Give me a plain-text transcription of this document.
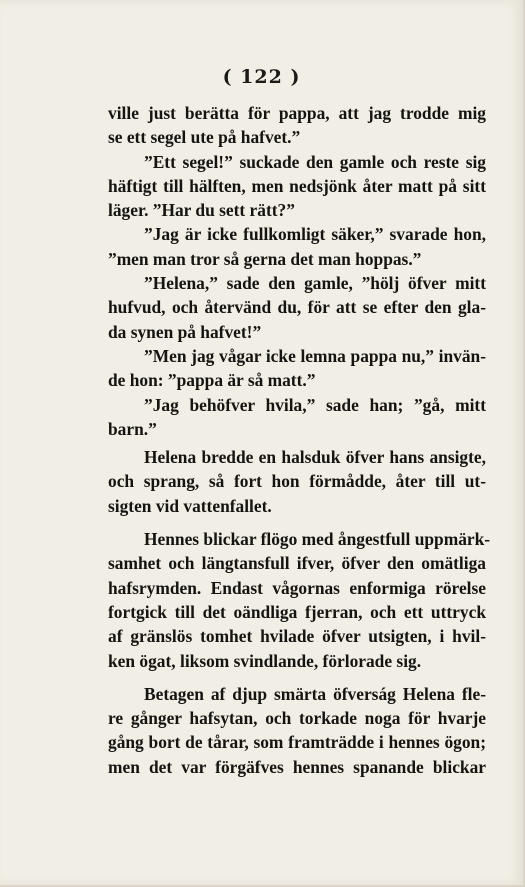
( 122 )
ville just berätta för pappa, att jag trodde mig
se ett segel ute på hafvet.”
”Ett segel!” suckade den gamle och reste sig
häftigt till hälften, men nedsjönk åter matt på sitt
läger. ”Har du sett rätt?”
”Jag är icke fullkomligt säker,” svarade hon,
”men man tror så gerna det man hoppas.”
”Helena,” sade den gamle, ”hölj öfver mitt
hufvud, och återvänd du, för att se efter den gla-
da synen på hafvet!”
”Men jag vågar icke lemna pappa nu,” invän-
de hon: ”pappa är så matt.”
”Jag behöfver hvila,” sade han; ”gå, mitt
barn.”
Helena bredde en halsduk öfver hans ansigte,
och sprang, så fort hon förmådde, åter till ut-
sigten vid vattenfallet.
Hennes blickar flögo med ångestfull uppmärk-
samhet och längtansfull ifver, öfver den omätliga
hafsrymden. Endast vågornas enformiga rörelse
fortgick till det oändliga fjerran, och ett uttryck
af gränslös tomhet hvilade öfver utsigten, i hvil-
ken ögat, liksom svindlande, förlorade sig.
Betagen af djup smärta öfverság Helena fle-
re gånger hafsytan, och torkade noga för hvarje
gång bort de tårar, som framträdde i hennes ögon;
men det var förgäfves hennes spanande blickar
